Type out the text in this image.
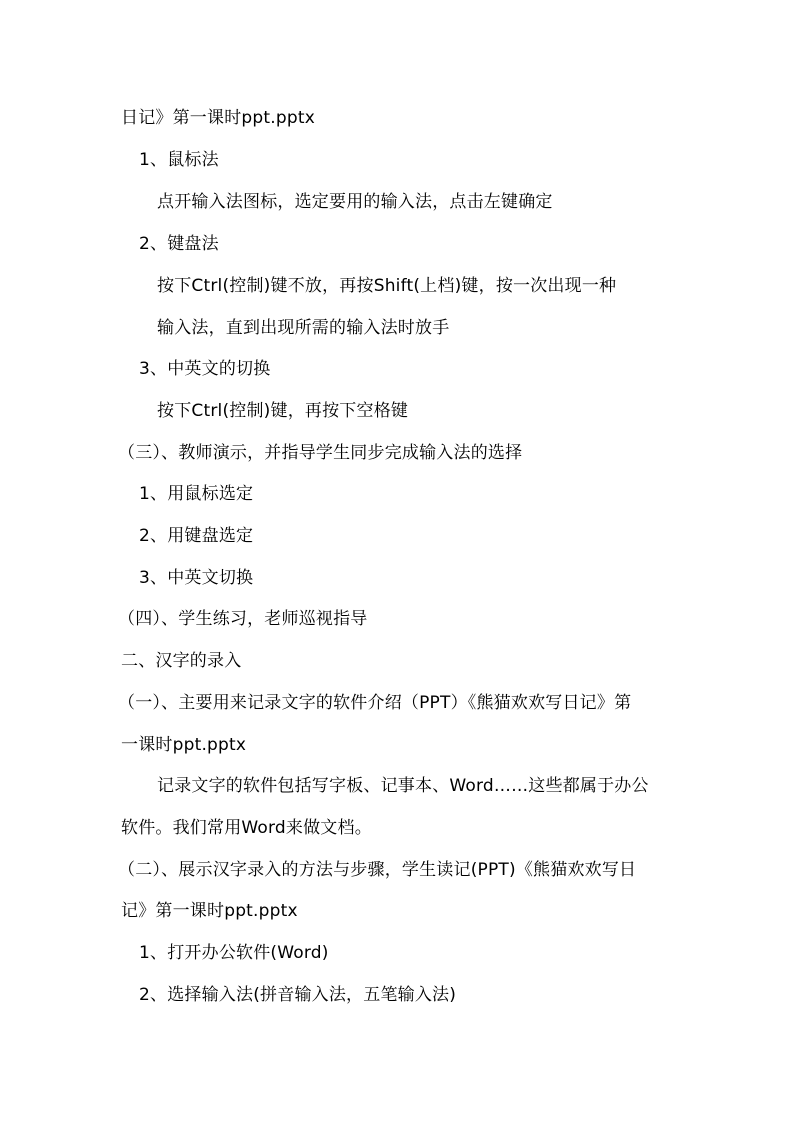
日记》第一课时ppt.pptx
1、鼠标法
点开输入法图标，选定要用的输入法，点击左键确定
2、键盘法
按下Ctrl(控制)键不放，再按Shift(上档)键，按一次出现一种
输入法，直到出现所需的输入法时放手
3、中英文的切换
按下Ctrl(控制)键，再按下空格键
（三）、教师演示，并指导学生同步完成输入法的选择
1、用鼠标选定
2、用键盘选定
3、中英文切换
（四）、学生练习，老师巡视指导
二、汉字的录入
（一）、主要用来记录文字的软件介绍（PPT）《熊猫欢欢写日记》第
一课时ppt.pptx
记录文字的软件包括写字板、记事本、Word……这些都属于办公
软件。我们常用Word来做文档。
（二）、展示汉字录入的方法与步骤，学生读记(PPT)《熊猫欢欢写日
记》第一课时ppt.pptx
1、打开办公软件(Word)
2、选择输入法(拼音输入法，五笔输入法)
